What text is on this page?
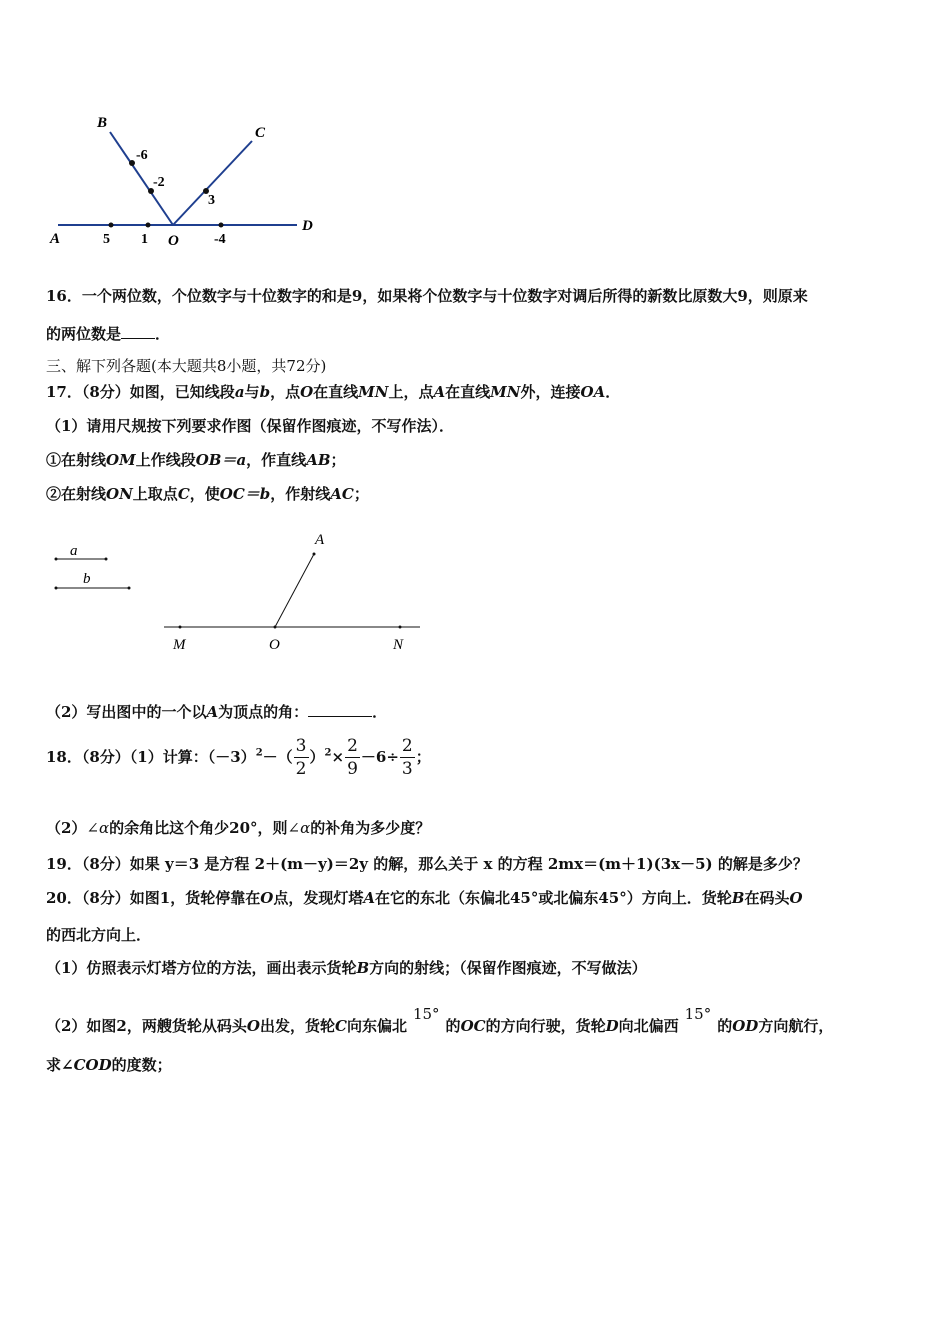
B
C
A	O
D
-6
-2
3
5 1	-4
16．一个两位数，个位数字与十位数字的和是9，如果将个位数字与十位数字对调后所得的新数比原数大9，则原来
的两位数是 ．
三、解下列各题(本大题共8小题，共72分)
17．（8分）如图，已知线段a与b，点O在直线MN上，点A在直线MN外，连接OA．
（1）请用尺规按下列要求作图（保留作图痕迹，不写作法）．
①在射线OM上作线段OB＝a，作直线AB；
②在射线ON上取点C，使OC＝b，作射线AC；
a
b
A
M	O	N
（2）写出图中的一个以A为顶点的角：	．
18．（8分）（1）计算：$(-3)^2-( \frac{3}{2} )^2\times \frac{2}{9} -6\div \frac{2}{3}$ ；
（2）∠α的余角比这个角少20°，则∠α的补角为多少度？
19．（8分）如果 y＝3 是方程 2＋(m－y)＝2y 的解，那么关于 x 的方程 2mx＝(m＋1)(3x－5) 的解是多少？
20．（8分）如图1，货轮停靠在O点，发现灯塔A在它的东北（东偏北45°或北偏东45°）方向上．货轮B在码头O
的西北方向上．
（1）仿照表示灯塔方位的方法，画出表示货轮B方向的射线；（保留作图痕迹，不写做法）
（2）如图2，两艘货轮从码头O出发，货轮C向东偏北15°的OC的方向行驶，货轮D向北偏西15°的OD方向航行，
求∠COD的度数；
